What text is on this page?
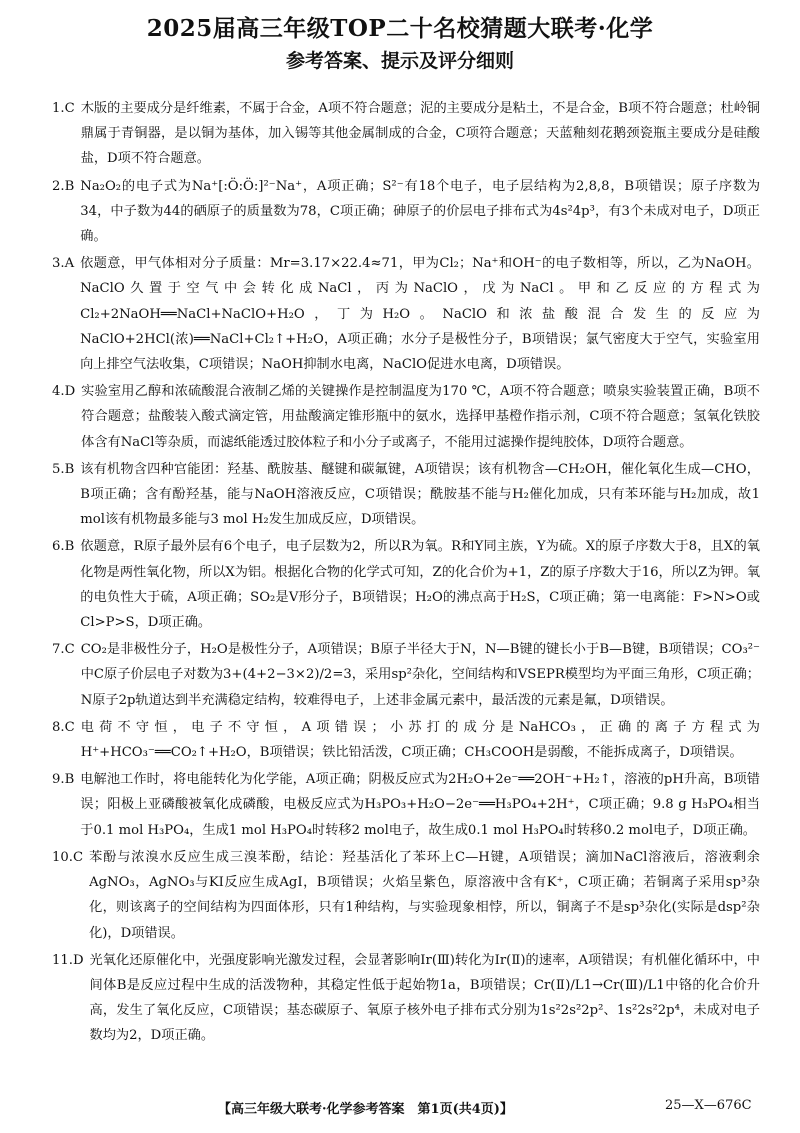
2025届高三年级TOP二十名校猜题大联考·化学
参考答案、提示及评分细则
1.C 木版的主要成分是纤维素，不属于合金，A项不符合题意；泥的主要成分是粘土，不是合金，B项不符合题意；杜岭铜鼎属于青铜器，是以铜为基体，加入锡等其他金属制成的合金，C项符合题意；天蓝釉刻花鹅颈瓷瓶主要成分是硅酸盐，D项不符合题意。
2.B Na₂O₂的电子式为Na⁺[:Ö:Ö:]²⁻Na⁺，A项正确；S²⁻有18个电子，电子层结构为2,8,8，B项错误；原子序数为34，中子数为44的硒原子的质量数为78，C项正确；砷原子的价层电子排布式为4s²4p³，有3个未成对电子，D项正确。
3.A 依题意，甲气体相对分子质量：Mr=3.17×22.4≈71，甲为Cl₂；Na⁺和OH⁻的电子数相等，所以，乙为NaOH。NaClO久置于空气中会转化成NaCl，丙为NaClO，戊为NaCl。甲和乙反应的方程式为Cl₂+2NaOH══NaCl+NaClO+H₂O，丁为H₂O。NaClO和浓盐酸混合发生的反应为NaClO+2HCl(浓)══NaCl+Cl₂↑+H₂O，A项正确；水分子是极性分子，B项错误；氯气密度大于空气，实验室用向上排空气法收集，C项错误；NaOH抑制水电离，NaClO促进水电离，D项错误。
4.D 实验室用乙醇和浓硫酸混合液制乙烯的关键操作是控制温度为170 ℃，A项不符合题意；喷泉实验装置正确，B项不符合题意；盐酸装入酸式滴定管，用盐酸滴定锥形瓶中的氨水，选择甲基橙作指示剂，C项不符合题意；氢氧化铁胶体含有NaCl等杂质，而滤纸能透过胶体粒子和小分子或离子，不能用过滤操作提纯胶体，D项符合题意。
5.B 该有机物含四种官能团：羟基、酰胺基、醚键和碳氟键，A项错误；该有机物含—CH₂OH，催化氧化生成—CHO，B项正确；含有酚羟基，能与NaOH溶液反应，C项错误；酰胺基不能与H₂催化加成，只有苯环能与H₂加成，故1 mol该有机物最多能与3 mol H₂发生加成反应，D项错误。
6.B 依题意，R原子最外层有6个电子，电子层数为2，所以R为氧。R和Y同主族，Y为硫。X的原子序数大于8，且X的氧化物是两性氧化物，所以X为铝。根据化合物的化学式可知，Z的化合价为+1，Z的原子序数大于16，所以Z为钾。氧的电负性大于硫，A项正确；SO₂是V形分子，B项错误；H₂O的沸点高于H₂S，C项正确；第一电离能：F>N>O或Cl>P>S，D项正确。
7.C CO₂是非极性分子，H₂O是极性分子，A项错误；B原子半径大于N，N—B键的键长小于B—B键，B项错误；CO₃²⁻中C原子价层电子对数为3+(4+2−3×2)/2=3，采用sp²杂化，空间结构和VSEPR模型均为平面三角形，C项正确；N原子2p轨道达到半充满稳定结构，较难得电子，上述非金属元素中，最活泼的元素是氟，D项错误。
8.C 电荷不守恒，电子不守恒，A项错误；小苏打的成分是NaHCO₃，正确的离子方程式为H⁺+HCO₃⁻══CO₂↑+H₂O，B项错误；铁比铅活泼，C项正确；CH₃COOH是弱酸，不能拆成离子，D项错误。
9.B 电解池工作时，将电能转化为化学能，A项正确；阴极反应式为2H₂O+2e⁻══2OH⁻+H₂↑，溶液的pH升高，B项错误；阳极上亚磷酸被氧化成磷酸，电极反应式为H₃PO₃+H₂O−2e⁻══H₃PO₄+2H⁺，C项正确；9.8 g H₃PO₄相当于0.1 mol H₃PO₄，生成1 mol H₃PO₄时转移2 mol电子，故生成0.1 mol H₃PO₄时转移0.2 mol电子，D项正确。
10.C 苯酚与浓溴水反应生成三溴苯酚，结论：羟基活化了苯环上C—H键，A项错误；滴加NaCl溶液后，溶液剩余AgNO₃，AgNO₃与KI反应生成AgI，B项错误；火焰呈紫色，原溶液中含有K⁺，C项正确；若铜离子采用sp³杂化，则该离子的空间结构为四面体形，只有1种结构，与实验现象相悖，所以，铜离子不是sp³杂化(实际是dsp²杂化)，D项错误。
11.D 光氧化还原催化中，光强度影响光激发过程，会显著影响Ir(Ⅲ)转化为Ir(Ⅱ)的速率，A项错误；有机催化循环中，中间体B是反应过程中生成的活泼物种，其稳定性低于起始物1a，B项错误；Cr(Ⅱ)/L1→Cr(Ⅲ)/L1中铬的化合价升高，发生了氧化反应，C项错误；基态碳原子、氧原子核外电子排布式分别为1s²2s²2p²、1s²2s²2p⁴，未成对电子数均为2，D项正确。
【高三年级大联考·化学参考答案　第1页(共4页)】	25—X—676C
